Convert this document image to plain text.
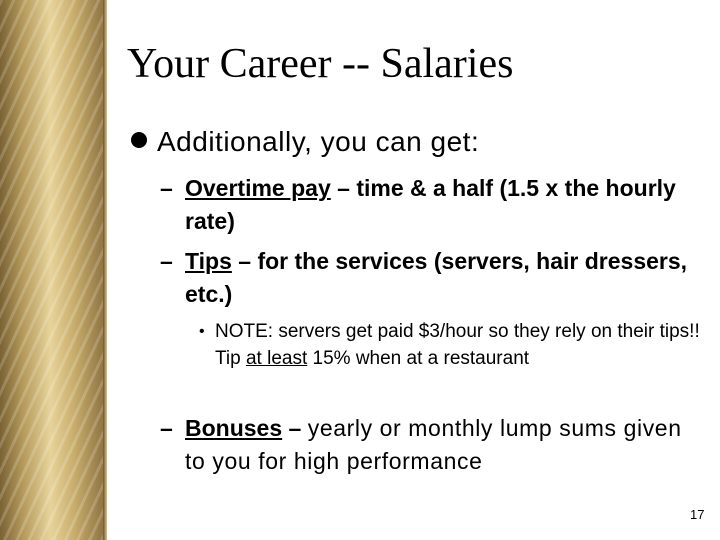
Your Career -- Salaries
Additionally, you can get:
– Overtime pay – time & a half (1.5 x the hourly rate)
– Tips – for the services (servers, hair dressers, etc.)
• NOTE: servers get paid $3/hour so they rely on their tips!! Tip at least 15% when at a restaurant
– Bonuses – yearly or monthly lump sums given to you for high performance
17
